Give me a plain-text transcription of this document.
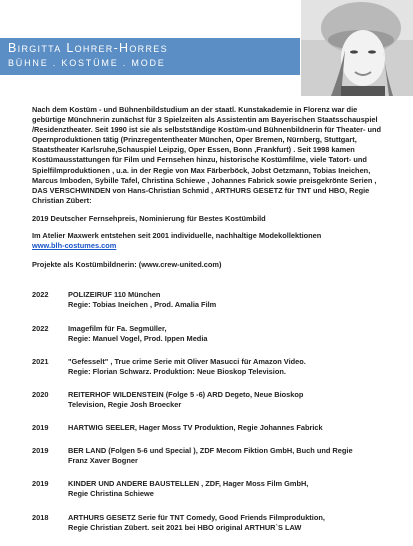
Birgitta Lohrer-Horres
BÜHNE . KOSTÜME . MODE

Nach dem Kostüm - und Bühnenbildstudium an der staatl. Kunstakademie in Florenz war die gebürtige Münchnerin zunächst für 3 Spielzeiten als Assistentin am Bayerischen Staatsschauspiel /Residenztheater. Seit 1990 ist sie als selbstständige Kostüm-und Bühnenbildnerin für Theater- und Opernproduktionen tätig (Prinzregententheater München, Oper Bremen, Nürnberg, Stuttgart, Staatstheater Karlsruhe,Schauspiel Leipzig, Oper Essen, Bonn ,Frankfurt) . Seit 1998 kamen Kostümausstattungen für Film und Fernsehen hinzu, historische Kostümfilme, viele Tatort- und Spielfilmproduktionen , u.a. in der Regie von Max Färberböck, Jobst Oetzmann, Tobias Ineichen, Marcus Imboden, Sybille Tafel, Christina Schiewe , Johannes Fabrick sowie preisgekrönte Serien , DAS VERSCHWINDEN von Hans-Christian Schmid , ARTHURS GESETZ für TNT und HBO, Regie Christian Zübert:

2019 Deutscher Fernsehpreis, Nominierung für Bestes Kostümbild

Im Atelier Maxwerk entstehen seit 2001 individuelle, nachhaltige Modekollektionen

www.blh-costumes.com

Projekte als Kostümbildnerin: (www.crew-united.com)

2022	POLIZEIRUF 110 München
Regie: Tobias Ineichen , Prod. Amalia Film
2022	Imagefilm für Fa. Segmüller,
Regie: Manuel Vogel, Prod. Ippen Media
2021	"Gefesselt" , True crime Serie mit Oliver Masucci für Amazon Video.
Regie: Florian Schwarz. Produktion: Neue Bioskop Television.
2020	REITERHOF WILDENSTEIN (Folge 5 -6) ARD Degeto, Neue Bioskop
Television, Regie Josh Broecker
2019	HARTWIG SEELER, Hager Moss TV Produktion, Regie Johannes Fabrick
2019	BER LAND (Folgen 5-6 und Special ), ZDF Mecom Fiktion GmbH, Buch und Regie
Franz Xaver Bogner
2019	KINDER UND ANDERE BAUSTELLEN , ZDF, Hager Moss Film GmbH,
Regie Christina Schiewe
2018	ARTHURS GESETZ Serie für TNT Comedy, Good Friends Filmproduktion,
Regie Christian Zübert. seit 2021 bei HBO original ARTHUR`S LAW
